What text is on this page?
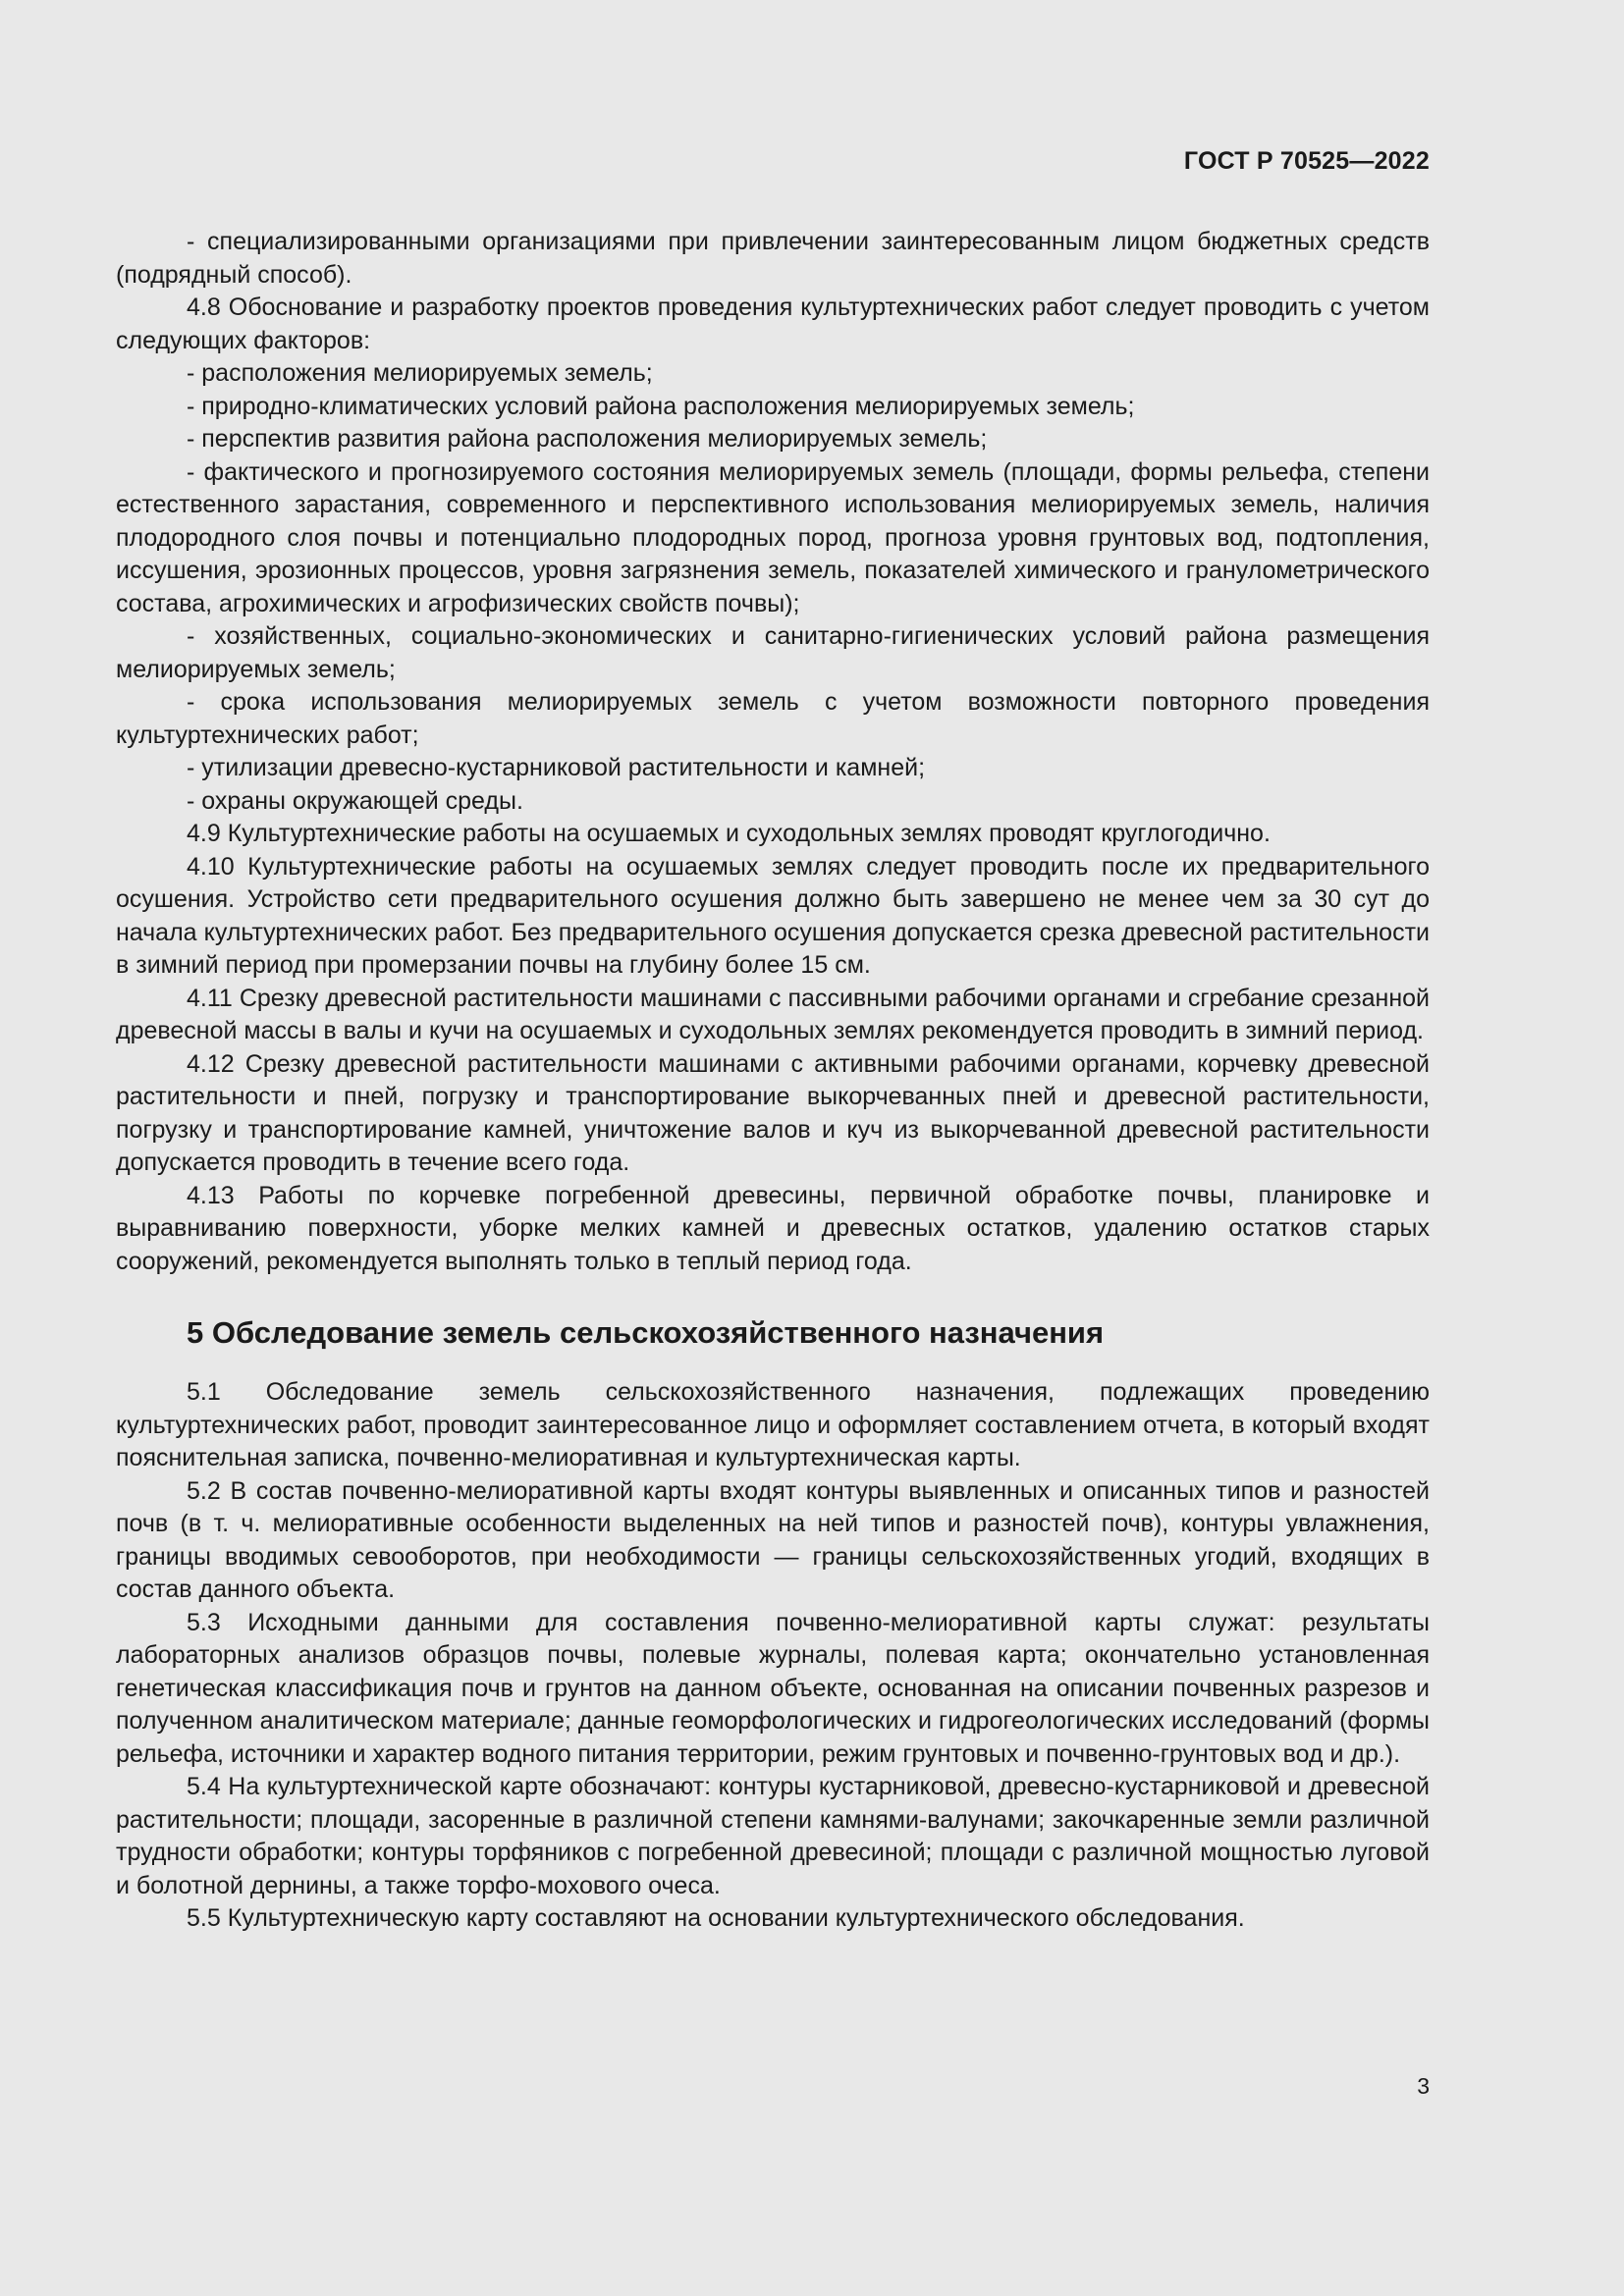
ГОСТ Р 70525—2022

- специализированными организациями при привлечении заинтересованным лицом бюджетных средств (подрядный способ).

4.8 Обоснование и разработку проектов проведения культуртехнических работ следует проводить с учетом следующих факторов:

- расположения мелиорируемых земель;

- природно-климатических условий района расположения мелиорируемых земель;

- перспектив развития района расположения мелиорируемых земель;

- фактического и прогнозируемого состояния мелиорируемых земель (площади, формы рельефа, степени естественного зарастания, современного и перспективного использования мелиорируемых земель, наличия плодородного слоя почвы и потенциально плодородных пород, прогноза уровня грунтовых вод, подтопления, иссушения, эрозионных процессов, уровня загрязнения земель, показателей химического и гранулометрического состава, агрохимических и агрофизических свойств почвы);

- хозяйственных, социально-экономических и санитарно-гигиенических условий района размещения мелиорируемых земель;

- срока использования мелиорируемых земель с учетом возможности повторного проведения культуртехнических работ;

- утилизации древесно-кустарниковой растительности и камней;

- охраны окружающей среды.

4.9 Культуртехнические работы на осушаемых и суходольных землях проводят круглогодично.

4.10 Культуртехнические работы на осушаемых землях следует проводить после их предварительного осушения. Устройство сети предварительного осушения должно быть завершено не менее чем за 30 сут до начала культуртехнических работ. Без предварительного осушения допускается срезка древесной растительности в зимний период при промерзании почвы на глубину более 15 см.

4.11 Срезку древесной растительности машинами с пассивными рабочими органами и сгребание срезанной древесной массы в валы и кучи на осушаемых и суходольных землях рекомендуется проводить в зимний период.

4.12 Срезку древесной растительности машинами с активными рабочими органами, корчевку древесной растительности и пней, погрузку и транспортирование выкорчеванных пней и древесной растительности, погрузку и транспортирование камней, уничтожение валов и куч из выкорчеванной древесной растительности допускается проводить в течение всего года.

4.13 Работы по корчевке погребенной древесины, первичной обработке почвы, планировке и выравниванию поверхности, уборке мелких камней и древесных остатков, удалению остатков старых сооружений, рекомендуется выполнять только в теплый период года.

5 Обследование земель сельскохозяйственного назначения

5.1 Обследование земель сельскохозяйственного назначения, подлежащих проведению культуртехнических работ, проводит заинтересованное лицо и оформляет составлением отчета, в который входят пояснительная записка, почвенно-мелиоративная и культуртехническая карты.

5.2 В состав почвенно-мелиоративной карты входят контуры выявленных и описанных типов и разностей почв (в т. ч. мелиоративные особенности выделенных на ней типов и разностей почв), контуры увлажнения, границы вводимых севооборотов, при необходимости — границы сельскохозяйственных угодий, входящих в состав данного объекта.

5.3 Исходными данными для составления почвенно-мелиоративной карты служат: результаты лабораторных анализов образцов почвы, полевые журналы, полевая карта; окончательно установленная генетическая классификация почв и грунтов на данном объекте, основанная на описании почвенных разрезов и полученном аналитическом материале; данные геоморфологических и гидрогеологических исследований (формы рельефа, источники и характер водного питания территории, режим грунтовых и почвенно-грунтовых вод и др.).

5.4 На культуртехнической карте обозначают: контуры кустарниковой, древесно-кустарниковой и древесной растительности; площади, засоренные в различной степени камнями-валунами; закочкаренные земли различной трудности обработки; контуры торфяников с погребенной древесиной; площади с различной мощностью луговой и болотной дернины, а также торфо-мохового очеса.

5.5 Культуртехническую карту составляют на основании культуртехнического обследования.

3
